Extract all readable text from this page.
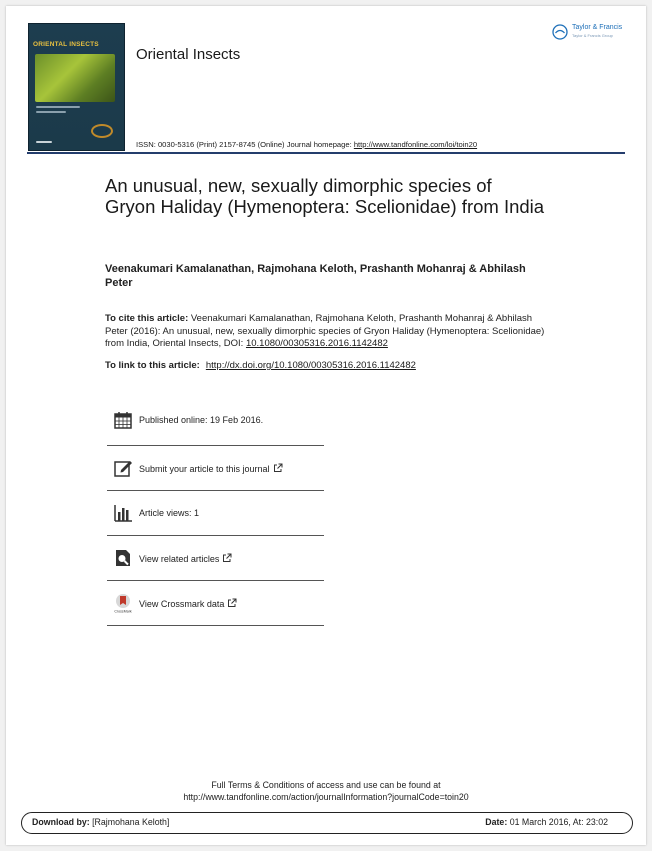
ORIENTAL INSECTS
Oriental Insects
Taylor & Francis
Taylor & Francis Group
ISSN: 0030-5316 (Print) 2157-8745 (Online) Journal homepage: http://www.tandfonline.com/loi/toin20
An unusual, new, sexually dimorphic species of Gryon Haliday (Hymenoptera: Scelionidae) from India
Veenakumari Kamalanathan, Rajmohana Keloth, Prashanth Mohanraj & Abhilash Peter
To cite this article: Veenakumari Kamalanathan, Rajmohana Keloth, Prashanth Mohanraj & Abhilash Peter (2016): An unusual, new, sexually dimorphic species of Gryon Haliday (Hymenoptera: Scelionidae) from India, Oriental Insects, DOI: 10.1080/00305316.2016.1142482
To link to this article: http://dx.doi.org/10.1080/00305316.2016.1142482
Published online: 19 Feb 2016.
Submit your article to this journal
Article views: 1
View related articles
CrossMark
View Crossmark data
Full Terms & Conditions of access and use can be found at
http://www.tandfonline.com/action/journalInformation?journalCode=toin20
Download by: [Rajmohana Keloth]	Date: 01 March 2016, At: 23:02
